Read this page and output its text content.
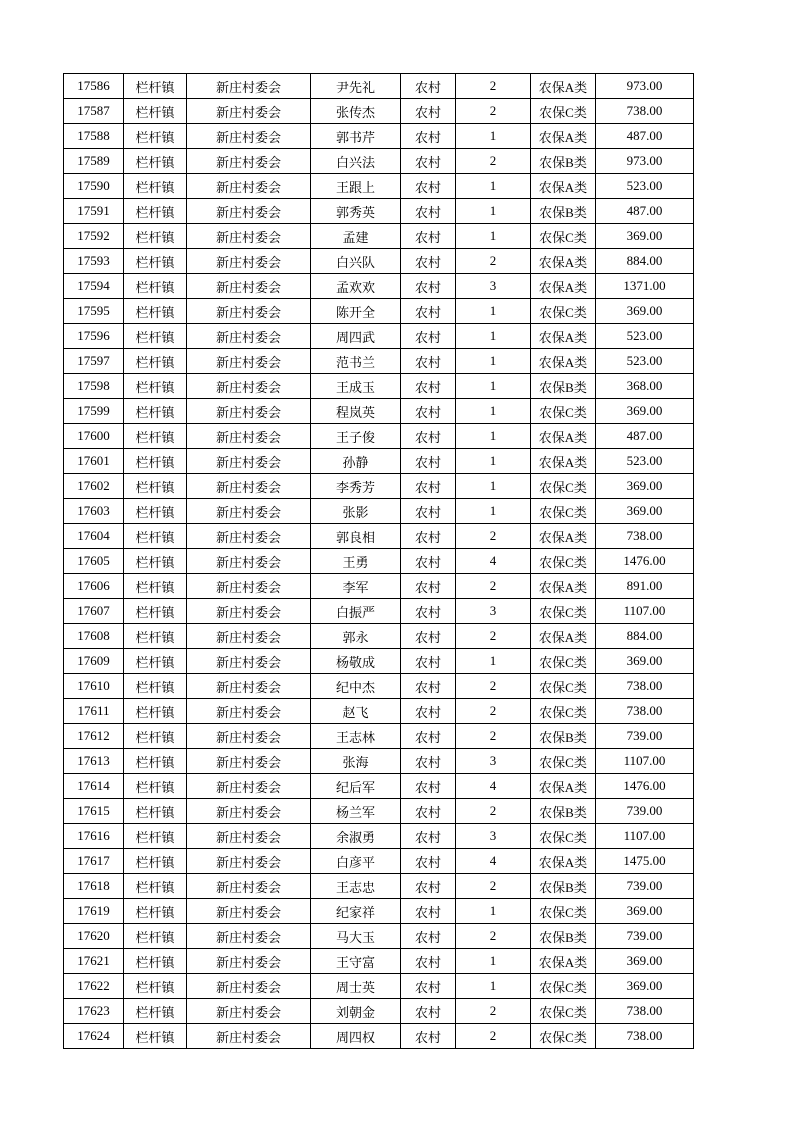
17586	栏杆镇	新庄村委会	尹先礼	农村	2	农保A类	973.00
17587	栏杆镇	新庄村委会	张传杰	农村	2	农保C类	738.00
17588	栏杆镇	新庄村委会	郭书芹	农村	1	农保A类	487.00
17589	栏杆镇	新庄村委会	白兴法	农村	2	农保B类	973.00
17590	栏杆镇	新庄村委会	王跟上	农村	1	农保A类	523.00
17591	栏杆镇	新庄村委会	郭秀英	农村	1	农保B类	487.00
17592	栏杆镇	新庄村委会	孟建	农村	1	农保C类	369.00
17593	栏杆镇	新庄村委会	白兴队	农村	2	农保A类	884.00
17594	栏杆镇	新庄村委会	孟欢欢	农村	3	农保A类	1371.00
17595	栏杆镇	新庄村委会	陈开全	农村	1	农保C类	369.00
17596	栏杆镇	新庄村委会	周四武	农村	1	农保A类	523.00
17597	栏杆镇	新庄村委会	范书兰	农村	1	农保A类	523.00
17598	栏杆镇	新庄村委会	王成玉	农村	1	农保B类	368.00
17599	栏杆镇	新庄村委会	程岚英	农村	1	农保C类	369.00
17600	栏杆镇	新庄村委会	王子俊	农村	1	农保A类	487.00
17601	栏杆镇	新庄村委会	孙静	农村	1	农保A类	523.00
17602	栏杆镇	新庄村委会	李秀芳	农村	1	农保C类	369.00
17603	栏杆镇	新庄村委会	张影	农村	1	农保C类	369.00
17604	栏杆镇	新庄村委会	郭良相	农村	2	农保A类	738.00
17605	栏杆镇	新庄村委会	王勇	农村	4	农保C类	1476.00
17606	栏杆镇	新庄村委会	李军	农村	2	农保A类	891.00
17607	栏杆镇	新庄村委会	白振严	农村	3	农保C类	1107.00
17608	栏杆镇	新庄村委会	郭永	农村	2	农保A类	884.00
17609	栏杆镇	新庄村委会	杨敬成	农村	1	农保C类	369.00
17610	栏杆镇	新庄村委会	纪中杰	农村	2	农保C类	738.00
17611	栏杆镇	新庄村委会	赵飞	农村	2	农保C类	738.00
17612	栏杆镇	新庄村委会	王志林	农村	2	农保B类	739.00
17613	栏杆镇	新庄村委会	张海	农村	3	农保C类	1107.00
17614	栏杆镇	新庄村委会	纪后军	农村	4	农保A类	1476.00
17615	栏杆镇	新庄村委会	杨兰军	农村	2	农保B类	739.00
17616	栏杆镇	新庄村委会	余淑勇	农村	3	农保C类	1107.00
17617	栏杆镇	新庄村委会	白彦平	农村	4	农保A类	1475.00
17618	栏杆镇	新庄村委会	王志忠	农村	2	农保B类	739.00
17619	栏杆镇	新庄村委会	纪家祥	农村	1	农保C类	369.00
17620	栏杆镇	新庄村委会	马大玉	农村	2	农保B类	739.00
17621	栏杆镇	新庄村委会	王守富	农村	1	农保A类	369.00
17622	栏杆镇	新庄村委会	周士英	农村	1	农保C类	369.00
17623	栏杆镇	新庄村委会	刘朝金	农村	2	农保C类	738.00
17624	栏杆镇	新庄村委会	周四权	农村	2	农保C类	738.00
